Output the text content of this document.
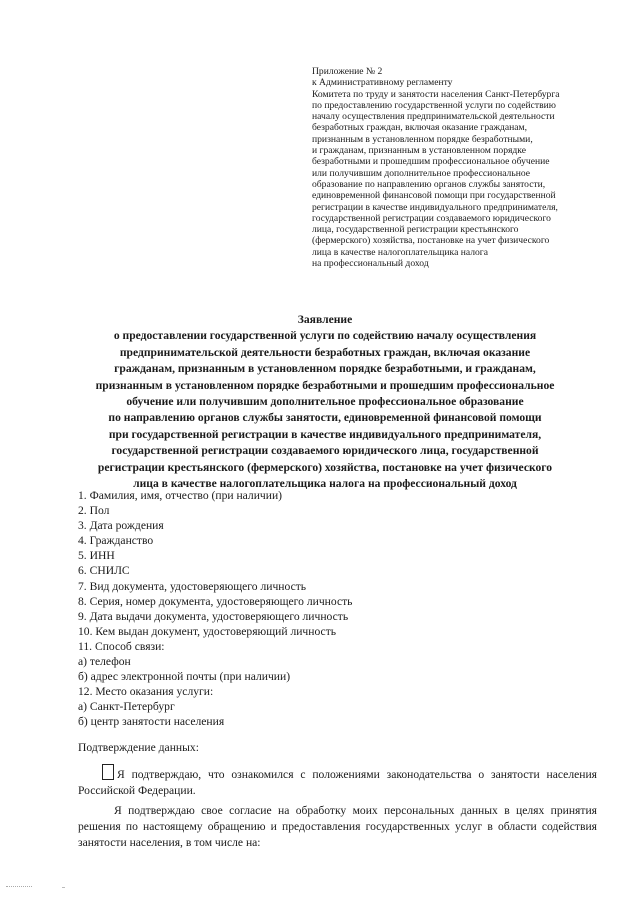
Приложение № 2
к Административному регламенту
Комитета по труду и занятости населения Санкт-Петербурга
по предоставлению государственной услуги по содействию
началу осуществления предпринимательской деятельности
безработных граждан, включая оказание гражданам,
признанным в установленном порядке безработными,
и гражданам, признанным в установленном порядке
безработными и прошедшим профессиональное обучение
или получившим дополнительное профессиональное
образование по направлению органов службы занятости,
единовременной финансовой помощи при государственной
регистрации в качестве индивидуального предпринимателя,
государственной регистрации создаваемого юридического
лица, государственной регистрации крестьянского
(фермерского) хозяйства, постановке на учет физического
лица в качестве налогоплательщика налога
на профессиональный доход
Заявление
о предоставлении государственной услуги по содействию началу осуществления
предпринимательской деятельности безработных граждан, включая оказание
гражданам, признанным в установленном порядке безработными, и гражданам,
признанным в установленном порядке безработными и прошедшим профессиональное
обучение или получившим дополнительное профессиональное образование
по направлению органов службы занятости, единовременной финансовой помощи
при государственной регистрации в качестве индивидуального предпринимателя,
государственной регистрации создаваемого юридического лица, государственной
регистрации крестьянского (фермерского) хозяйства, постановке на учет физического
лица в качестве налогоплательщика налога на профессиональный доход
1. Фамилия, имя, отчество (при наличии)
2. Пол
3. Дата рождения
4. Гражданство
5. ИНН
6. СНИЛС
7. Вид документа, удостоверяющего личность
8. Серия, номер документа, удостоверяющего личность
9. Дата выдачи документа, удостоверяющего личность
10. Кем выдан документ, удостоверяющий личность
11. Способ связи:
а) телефон
б) адрес электронной почты (при наличии)
12. Место оказания услуги:
а) Санкт-Петербург
б) центр занятости населения
Подтверждение данных:
Я подтверждаю, что ознакомился с положениями законодательства о занятости населения Российской Федерации.
Я подтверждаю свое согласие на обработку моих персональных данных в целях принятия решения по настоящему обращению и предоставления государственных услуг в области содействия занятости населения, в том числе на:
